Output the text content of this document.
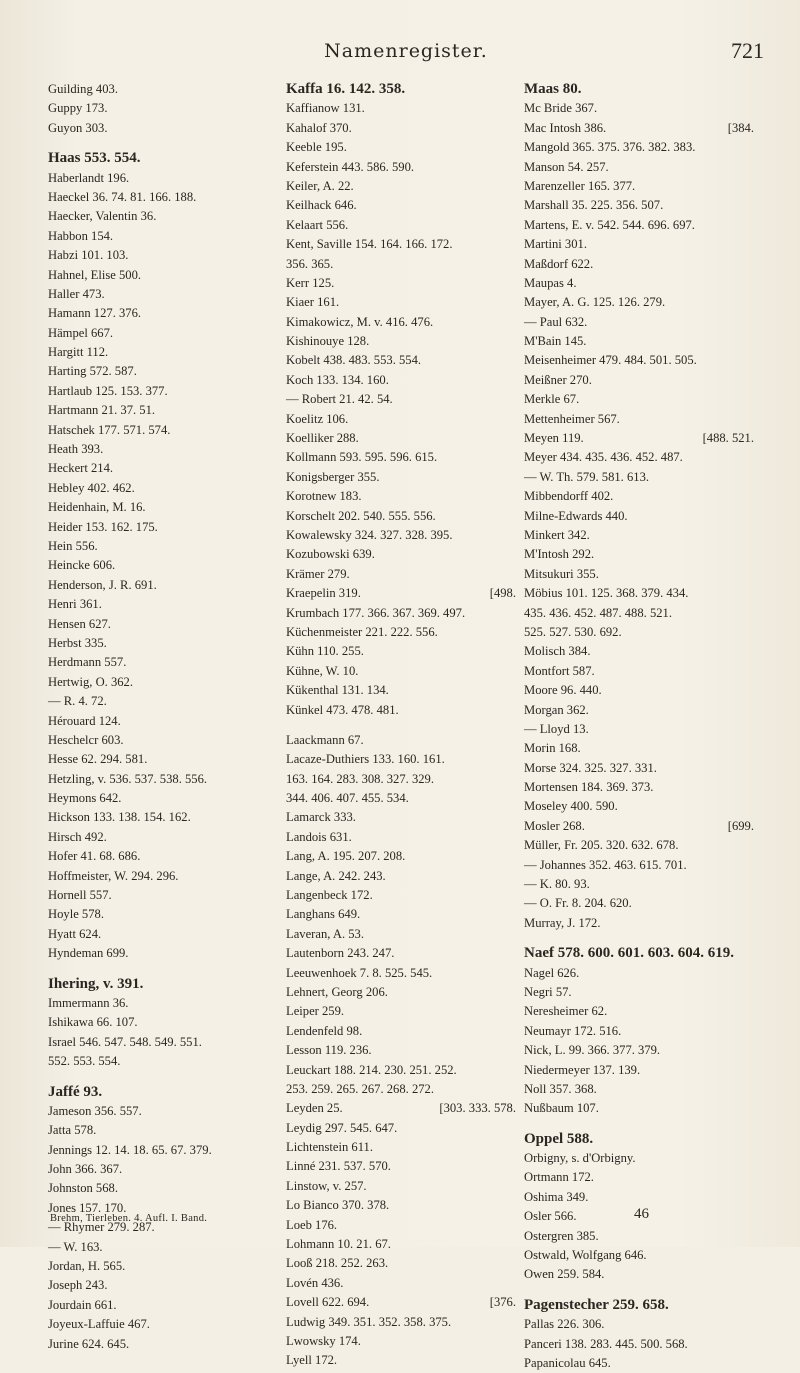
Namenregister.	721
Guilding 403.
Guppy 173.
Guyon 303.
Haas 553. 554.
Haberlandt 196.
Haeckel 36. 74. 81. 166. 188.
Haecker, Valentin 36.
Habbon 154.
Habzi 101. 103.
Hahnel, Elise 500.
Haller 473.
Hamann 127. 376.
Hämpel 667.
Hargitt 112.
Harting 572. 587.
Hartlaub 125. 153. 377.
Hartmann 21. 37. 51.
Hatschek 177. 571. 574.
Heath 393.
Heckert 214.
Hebley 402. 462.
Heidenhain, M. 16.
Heider 153. 162. 175.
Hein 556.
Heincke 606.
Henderson, J. R. 691.
Henri 361.
Hensen 627.
Herbst 335.
Herdmann 557.
Hertwig, O. 362.
— R. 4. 72.
Hérouard 124.
Heschelcr 603.
Hesse 62. 294. 581.
Hetzling, v. 536. 537. 538. 556.
Heymons 642.
Hickson 133. 138. 154. 162.
Hirsch 492.
Hofer 41. 68. 686.
Hoffmeister, W. 294. 296.
Hornell 557.
Hoyle 578.
Hyatt 624.
Hyndeman 699.
Ihering, v. 391.
Immermann 36.
Ishikawa 66. 107.
Israel 546. 547. 548. 549. 551.
552. 553. 554.
Jaffé 93.
Jameson 356. 557.
Jatta 578.
Jennings 12. 14. 18. 65. 67. 379.
John 366. 367.
Johnston 568.
Jones 157. 170.
— Rhymer 279. 287.
— W. 163.
Jordan, H. 565.
Joseph 243.
Jourdain 661.
Joyeux-Laffuie 467.
Jurine 624. 645.
Kaffa 16. 142. 358.
Kaffianow 131.
Kahalof 370.
Keeble 195.
Keferstein 443. 586. 590.
Keiler, A. 22.
Keilhack 646.
Kelaart 556.
Kent, Saville 154. 164. 166. 172.
356. 365.
Kerr 125.
Kiaer 161.
Kimakowicz, M. v. 416. 476.
Kishinouye 128.
Kobelt 438. 483. 553. 554.
Koch 133. 134. 160.
— Robert 21. 42. 54.
Koelitz 106.
Koelliker 288.
Kollmann 593. 595. 596. 615.
Konigsberger 355.
Korotnew 183.
Korschelt 202. 540. 555. 556.
Kowalewsky 324. 327. 328. 395.
Kozubowski 639.
Krämer 279.
Kraepelin 319.	[498.
Krumbach 177. 366. 367. 369. 497.
Küchenmeister 221. 222. 556.
Kühn 110. 255.
Kühne, W. 10.
Kükenthal 131. 134.
Künkel 473. 478. 481.
Laackmann 67.
Lacaze-Duthiers 133. 160. 161.
163. 164. 283. 308. 327. 329.
344. 406. 407. 455. 534.
Lamarck 333.
Landois 631.
Lang, A. 195. 207. 208.
Lange, A. 242. 243.
Langenbeck 172.
Langhans 649.
Laveran, A. 53.
Lautenborn 243. 247.
Leeuwenhoek 7. 8. 525. 545.
Lehnert, Georg 206.
Leiper 259.
Lendenfeld 98.
Lesson 119. 236.
Leuckart 188. 214. 230. 251. 252.
253. 259. 265. 267. 268. 272.
Leyden 25.	[303. 333. 578.
Leydig 297. 545. 647.
Lichtenstein 611.
Linné 231. 537. 570.
Linstow, v. 257.
Lo Bianco 370. 378.
Loeb 176.
Lohmann 10. 21. 67.
Looß 218. 252. 263.
Lovén 436.
Lovell 622. 694.	[376.
Ludwig 349. 351. 352. 358. 375.
Lwowsky 174.
Lyell 172.
Maas 80.
Mc Bride 367.
Mac Intosh 386.	[384.
Mangold 365. 375. 376. 382. 383.
Manson 54. 257.
Marenzeller 165. 377.
Marshall 35. 225. 356. 507.
Martens, E. v. 542. 544. 696. 697.
Martini 301.
Maßdorf 622.
Maupas 4.
Mayer, A. G. 125. 126. 279.
— Paul 632.
M'Bain 145.
Meisenheimer 479. 484. 501. 505.
Meißner 270.
Merkle 67.
Mettenheimer 567.
Meyen 119.	[488. 521.
Meyer 434. 435. 436. 452. 487.
— W. Th. 579. 581. 613.
Mibbendorff 402.
Milne-Edwards 440.
Minkert 342.
M'Intosh 292.
Mitsukuri 355.
Möbius 101. 125. 368. 379. 434.
435. 436. 452. 487. 488. 521.
525. 527. 530. 692.
Molisch 384.
Montfort 587.
Moore 96. 440.
Morgan 362.
— Lloyd 13.
Morin 168.
Morse 324. 325. 327. 331.
Mortensen 184. 369. 373.
Moseley 400. 590.
Mosler 268.	[699.
Müller, Fr. 205. 320. 632. 678.
— Johannes 352. 463. 615. 701.
— K. 80. 93.
— O. Fr. 8. 204. 620.
Murray, J. 172.
Naef 578. 600. 601. 603. 604. 619.
Nagel 626.
Negri 57.
Neresheimer 62.
Neumayr 172. 516.
Nick, L. 99. 366. 377. 379.
Niedermeyer 137. 139.
Noll 357. 368.
Nußbaum 107.
Oppel 588.
Orbigny, s. d'Orbigny.
Ortmann 172.
Oshima 349.
Osler 566.
Ostergren 385.
Ostwald, Wolfgang 646.
Owen 259. 584.
Pagenstecher 259. 658.
Pallas 226. 306.
Pancеri 138. 283. 445. 500. 568.
Papanicolau 645.
Brehm, Tierleben. 4. Aufl. I. Band.	46
